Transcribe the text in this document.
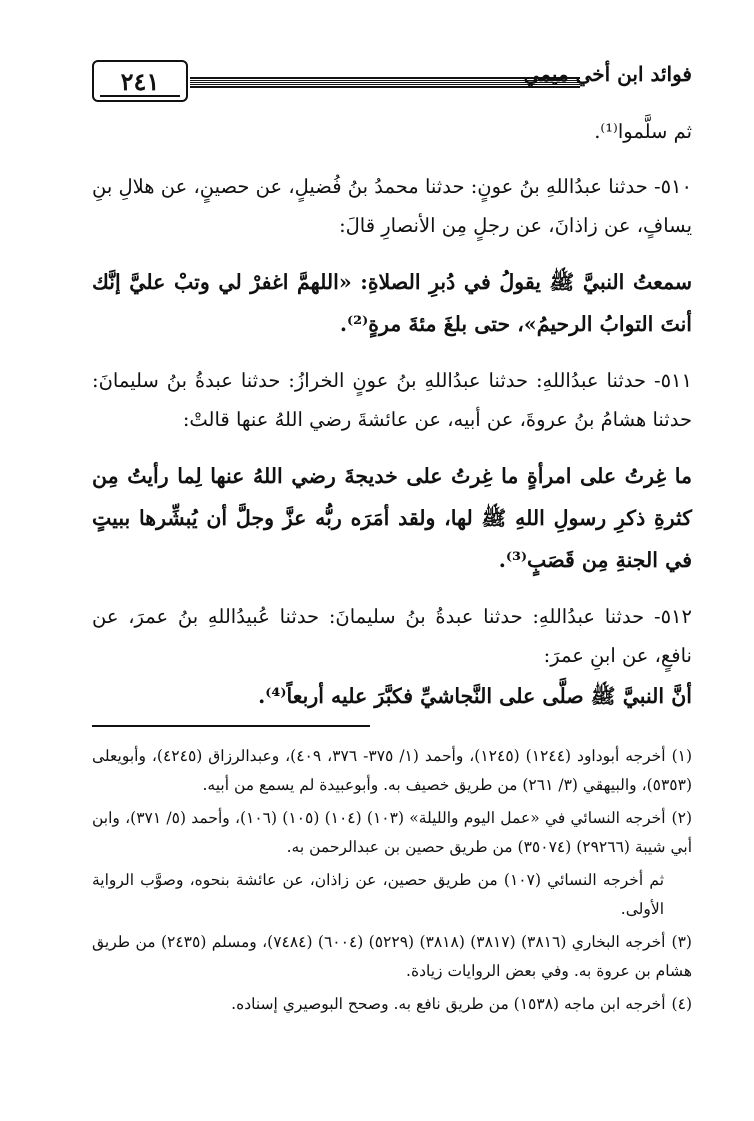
٢٤١	فوائد ابن أخي ميمي

ثم سلَّموا⁽¹⁾.

٥١٠- حدثنا عبدُاللهِ بنُ عونٍ: حدثنا محمدُ بنُ فُضيلٍ، عن حصينٍ، عن هلالِ بنِ يسافٍ، عن زاذانَ، عن رجلٍ مِن الأنصارِ قالَ:

سمعتُ النبيَّ ﷺ يقولُ في دُبرِ الصلاةِ: «اللهمَّ اغفرْ لي وتبْ عليَّ إنَّك أنتَ التوابُ الرحيمُ»، حتى بلغَ مئةَ مرةٍ⁽²⁾.

٥١١- حدثنا عبدُاللهِ: حدثنا عبدُاللهِ بنُ عونٍ الخرازُ: حدثنا عبدةُ بنُ سليمانَ: حدثنا هشامُ بنُ عروةَ، عن أبيه، عن عائشةَ رضي اللهُ عنها قالتْ:

ما غِرتُ على امرأةٍ ما غِرتُ على خديجةَ رضي اللهُ عنها لِما رأيتُ مِن كثرةِ ذكرِ رسولِ اللهِ ﷺ لها، ولقد أمَرَه ربُّه عزَّ وجلَّ أن يُبشِّرها ببيتٍ في الجنةِ مِن قَصَبٍ⁽³⁾.

٥١٢- حدثنا عبدُاللهِ: حدثنا عبدةُ بنُ سليمانَ: حدثنا عُبيدُاللهِ بنُ عمرَ، عن نافعٍ، عن ابنِ عمرَ:

أنَّ النبيَّ ﷺ صلَّى على النَّجاشيِّ فكبَّرَ عليه أربعاً⁽⁴⁾.

(١)أخرجه أبوداود (١٢٤٤) (١٢٤٥)، وأحمد (١/ ٣٧٥- ٣٧٦، ٤٠٩)، وعبدالرزاق (٤٢٤٥)، وأبويعلى (٥٣٥٣)، والبيهقي (٣/ ٢٦١) من طريق خصيف به. وأبوعبيدة لم يسمع من أبيه.

(٢)أخرجه النسائي في «عمل اليوم والليلة» (١٠٣) (١٠٤) (١٠٥) (١٠٦)، وأحمد (٥/ ٣٧١)، وابن أبي شيبة (٢٩٢٦٦) (٣٥٠٧٤) من طريق حصين بن عبدالرحمن به.

ثم أخرجه النسائي (١٠٧) من طريق حصين، عن زاذان، عن عائشة بنحوه، وصوَّب الرواية الأولى.

(٣)أخرجه البخاري (٣٨١٦) (٣٨١٧) (٣٨١٨) (٥٢٢٩) (٦٠٠٤) (٧٤٨٤)، ومسلم (٢٤٣٥) من طريق هشام بن عروة به. وفي بعض الروايات زيادة.

(٤)أخرجه ابن ماجه (١٥٣٨) من طريق نافع به. وصحح البوصيري إسناده.
